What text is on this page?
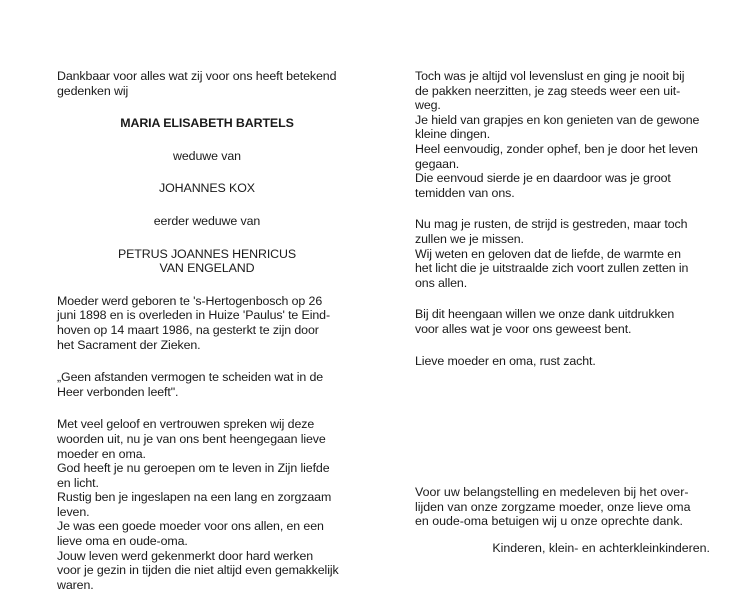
Dankbaar voor alles wat zij voor ons heeft betekend
gedenken wij

MARIA ELISABETH BARTELS

weduwe van

JOHANNES KOX

eerder weduwe van

PETRUS JOANNES HENRICUS
VAN ENGELAND

Moeder werd geboren te 's-Hertogenbosch op 26
juni 1898 en is overleden in Huize 'Paulus' te Eind-
hoven op 14 maart 1986, na gesterkt te zijn door
het Sacrament der Zieken.

„Geen afstanden vermogen te scheiden wat in de
Heer verbonden leeft".

Met veel geloof en vertrouwen spreken wij deze
woorden uit, nu je van ons bent heengegaan lieve
moeder en oma.
God heeft je nu geroepen om te leven in Zijn liefde
en licht.
Rustig ben je ingeslapen na een lang en zorgzaam
leven.
Je was een goede moeder voor ons allen, en een
lieve oma en oude-oma.
Jouw leven werd gekenmerkt door hard werken
voor je gezin in tijden die niet altijd even gemakkelijk
waren.

Toch was je altijd vol levenslust en ging je nooit bij
de pakken neerzitten, je zag steeds weer een uit-
weg.
Je hield van grapjes en kon genieten van de gewone
kleine dingen.
Heel eenvoudig, zonder ophef, ben je door het leven
gegaan.
Die eenvoud sierde je en daardoor was je groot
temidden van ons.

Nu mag je rusten, de strijd is gestreden, maar toch
zullen we je missen.
Wij weten en geloven dat de liefde, de warmte en
het licht die je uitstraalde zich voort zullen zetten in
ons allen.

Bij dit heengaan willen we onze dank uitdrukken
voor alles wat je voor ons geweest bent.

Lieve moeder en oma, rust zacht.

Voor uw belangstelling en medeleven bij het over-
lijden van onze zorgzame moeder, onze lieve oma
en oude-oma betuigen wij u onze oprechte dank.
Kinderen, klein- en achterkleinkinderen.
